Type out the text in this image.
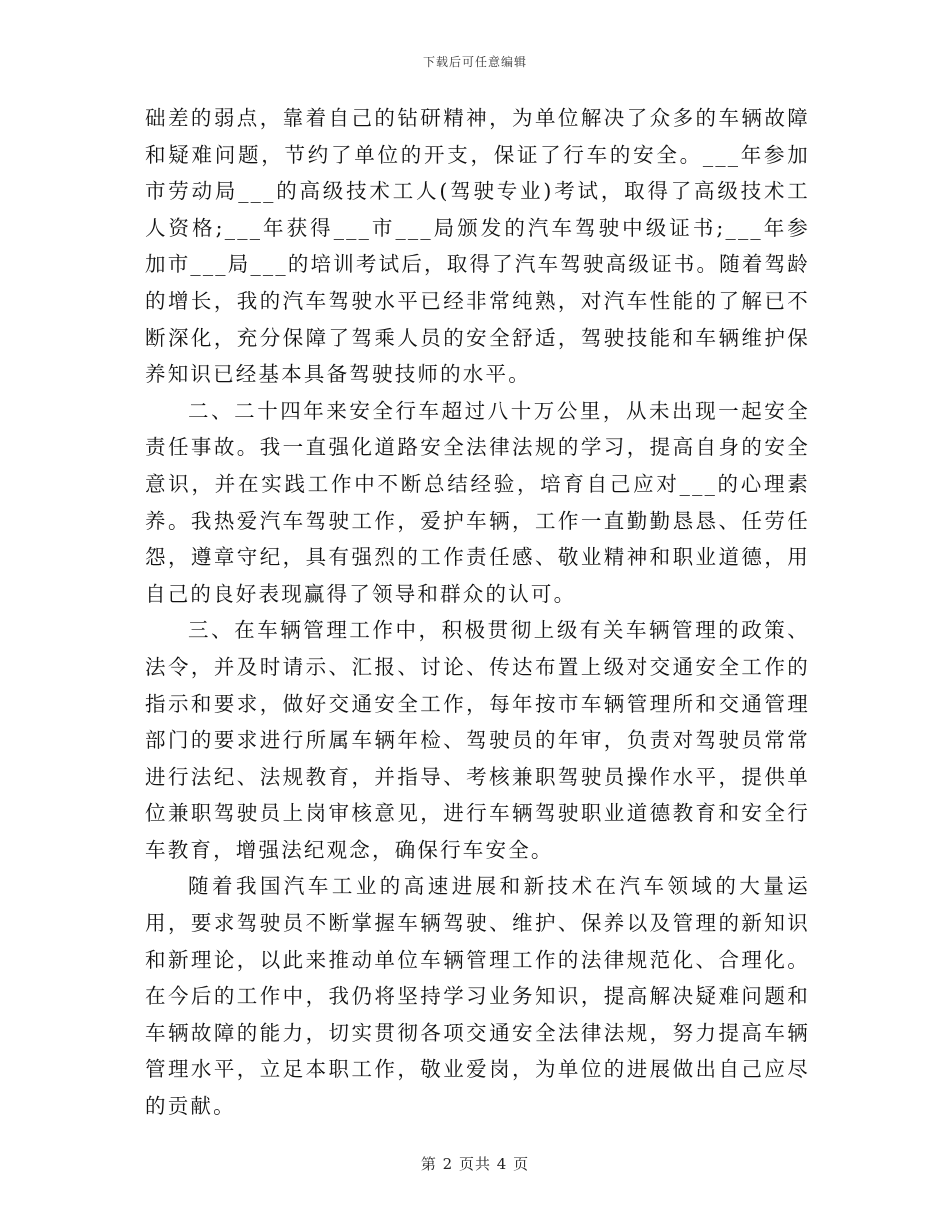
下载后可任意编辑

础差的弱点，靠着自己的钻研精神，为单位解决了众多的车辆故障和疑难问题，节约了单位的开支，保证了行车的安全。___年参加市劳动局___的高级技术工人(驾驶专业)考试，取得了高级技术工人资格;___年获得___市___局颁发的汽车驾驶中级证书;___年参加市___局___的培训考试后，取得了汽车驾驶高级证书。随着驾龄的增长，我的汽车驾驶水平已经非常纯熟，对汽车性能的了解已不断深化，充分保障了驾乘人员的安全舒适，驾驶技能和车辆维护保养知识已经基本具备驾驶技师的水平。

二、二十四年来安全行车超过八十万公里，从未出现一起安全责任事故。我一直强化道路安全法律法规的学习，提高自身的安全意识，并在实践工作中不断总结经验，培育自己应对___的心理素养。我热爱汽车驾驶工作，爱护车辆，工作一直勤勤恳恳、任劳任怨，遵章守纪，具有强烈的工作责任感、敬业精神和职业道德，用自己的良好表现赢得了领导和群众的认可。

三、在车辆管理工作中，积极贯彻上级有关车辆管理的政策、法令，并及时请示、汇报、讨论、传达布置上级对交通安全工作的指示和要求，做好交通安全工作，每年按市车辆管理所和交通管理部门的要求进行所属车辆年检、驾驶员的年审，负责对驾驶员常常进行法纪、法规教育，并指导、考核兼职驾驶员操作水平，提供单位兼职驾驶员上岗审核意见，进行车辆驾驶职业道德教育和安全行车教育，增强法纪观念，确保行车安全。

随着我国汽车工业的高速进展和新技术在汽车领域的大量运用，要求驾驶员不断掌握车辆驾驶、维护、保养以及管理的新知识和新理论，以此来推动单位车辆管理工作的法律规范化、合理化。在今后的工作中，我仍将坚持学习业务知识，提高解决疑难问题和车辆故障的能力，切实贯彻各项交通安全法律法规，努力提高车辆管理水平，立足本职工作，敬业爱岗，为单位的进展做出自己应尽的贡献。

第 2 页共 4 页
